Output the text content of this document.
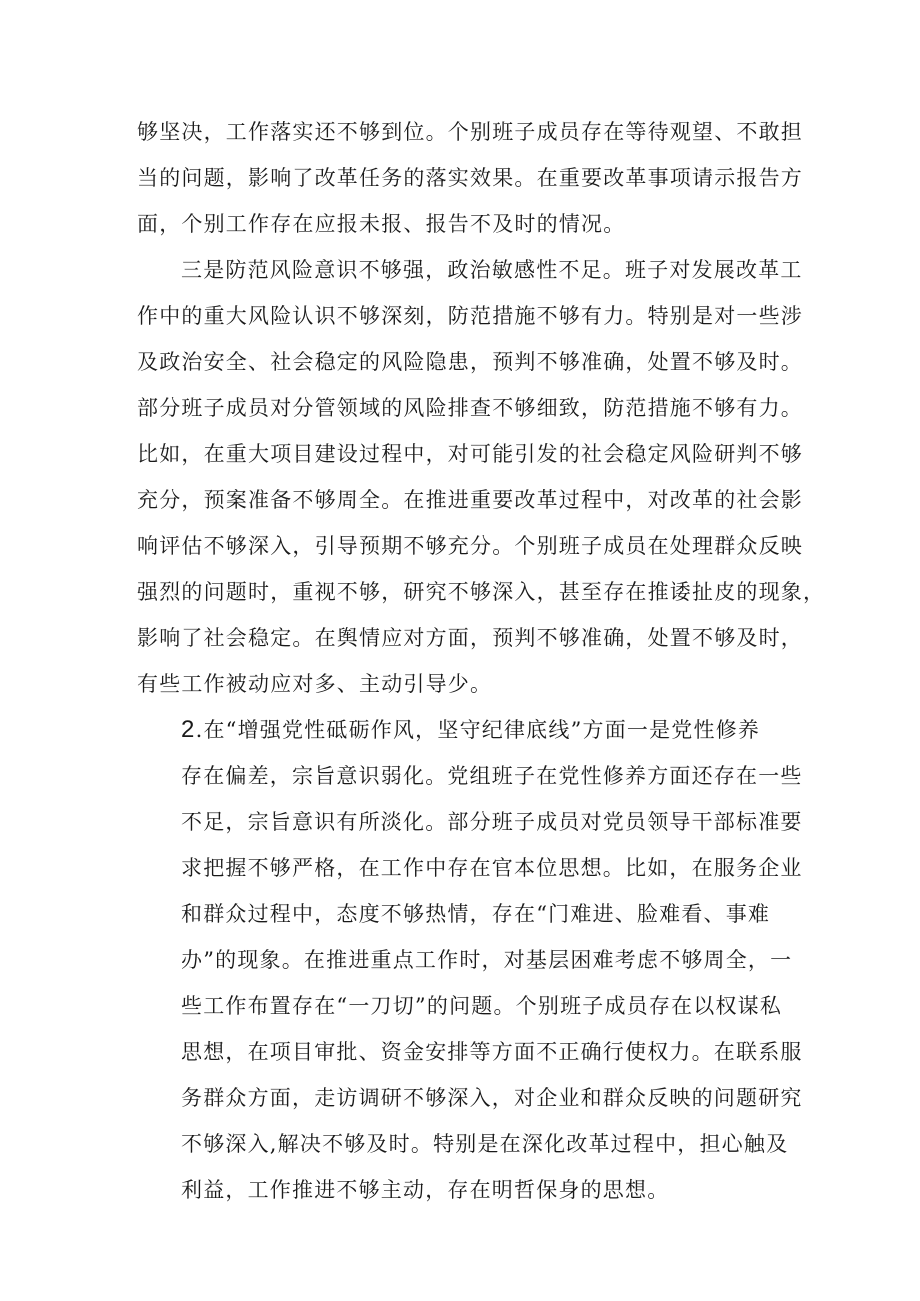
够坚决，工作落实还不够到位。个别班子成员存在等待观望、不敢担
当的问题，影响了改革任务的落实效果。在重要改革事项请示报告方
面，个别工作存在应报未报、报告不及时的情况。
三是防范风险意识不够强，政治敏感性不足。班子对发展改革工
作中的重大风险认识不够深刻，防范措施不够有力。特别是对一些涉
及政治安全、社会稳定的风险隐患，预判不够准确，处置不够及时。
部分班子成员对分管领域的风险排查不够细致，防范措施不够有力。
比如，在重大项目建设过程中，对可能引发的社会稳定风险研判不够
充分，预案准备不够周全。在推进重要改革过程中，对改革的社会影
响评估不够深入，引导预期不够充分。个别班子成员在处理群众反映
强烈的问题时，重视不够，研究不够深入，甚至存在推诿扯皮的现象，
影响了社会稳定。在舆情应对方面，预判不够准确，处置不够及时，
有些工作被动应对多、主动引导少。
2.在“增强党性砥砺作风，坚守纪律底线”方面一是党性修养
存在偏差，宗旨意识弱化。党组班子在党性修养方面还存在一些
不足，宗旨意识有所淡化。部分班子成员对党员领导干部标准要
求把握不够严格，在工作中存在官本位思想。比如，在服务企业
和群众过程中，态度不够热情，存在“门难进、脸难看、事难
办”的现象。在推进重点工作时，对基层困难考虑不够周全，一
些工作布置存在“一刀切”的问题。个别班子成员存在以权谋私
思想，在项目审批、资金安排等方面不正确行使权力。在联系服
务群众方面，走访调研不够深入，对企业和群众反映的问题研究
不够深入,解决不够及时。特别是在深化改革过程中，担心触及
利益，工作推进不够主动，存在明哲保身的思想。
